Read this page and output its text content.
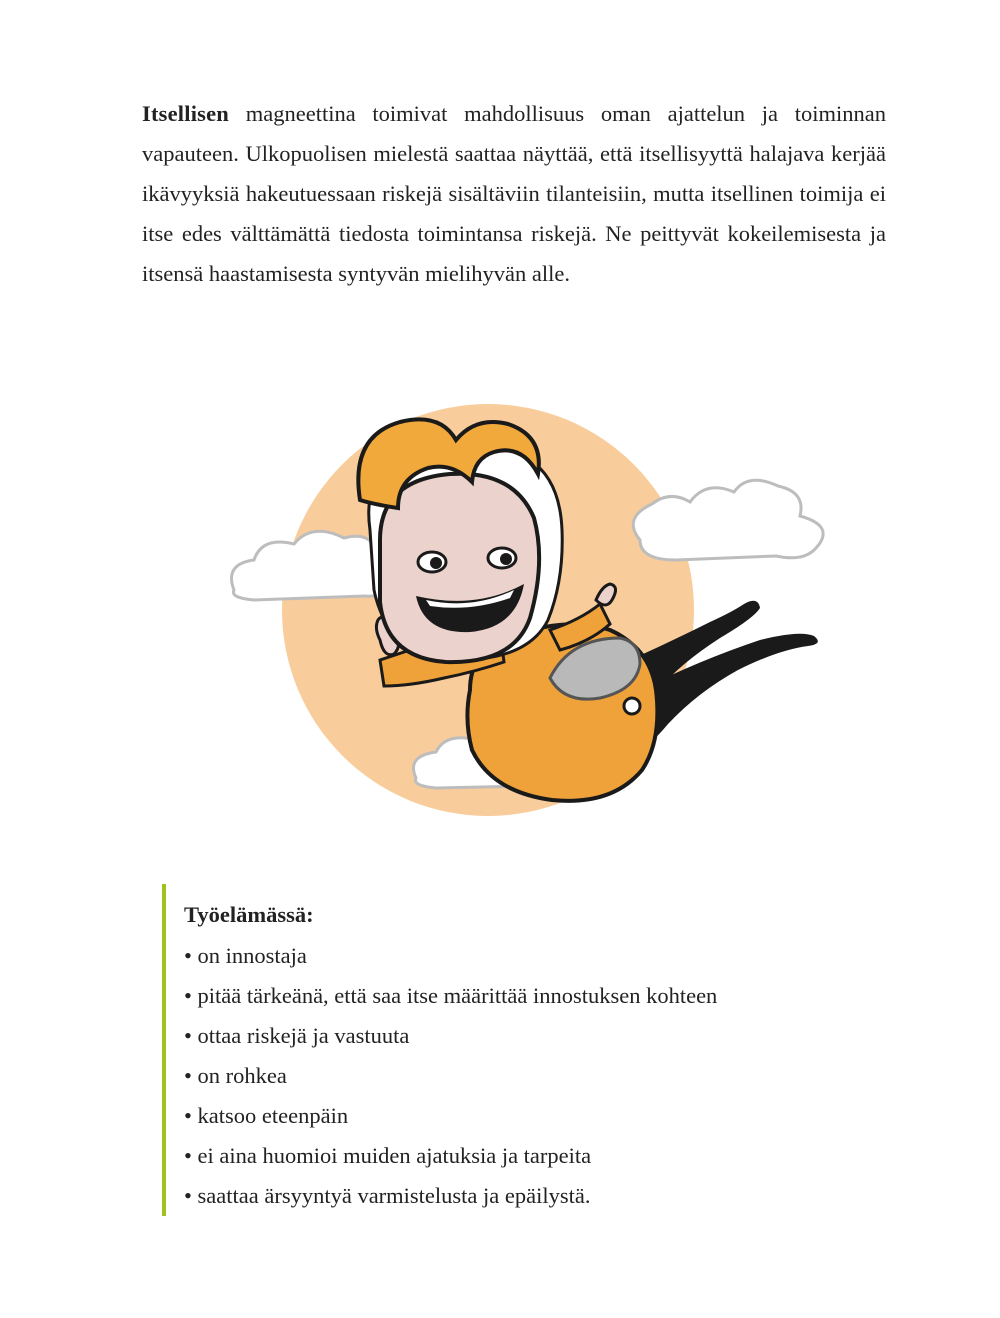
Itsellisen magneettina toimivat mahdollisuus oman ajattelun ja toiminnan vapauteen. Ulkopuolisen mielestä saattaa näyttää, että itsellisyyttä halajava kerjää ikävyyksiä hakeutuessaan riskejä sisältäviin tilanteisiin, mutta itsellinen toimija ei itse edes välttämättä tiedosta toimintansa riskejä. Ne peittyvät kokeilemisesta ja itsensä haastamisesta syntyvän mielihyvän alle.

Työelämässä:
• on innostaja
• pitää tärkeänä, että saa itse määrittää innostuksen kohteen
• ottaa riskejä ja vastuuta
• on rohkea
• katsoo eteenpäin
• ei aina huomioi muiden ajatuksia ja tarpeita
• saattaa ärsyyntyä varmistelusta ja epäilystä.
